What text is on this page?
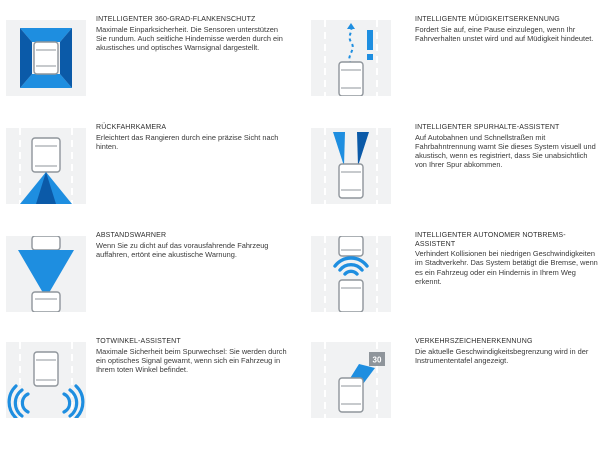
INTELLIGENTER 360-GRAD-FLANKENSCHUTZ
Maximale Einparksicherheit. Die Sensoren unterstützen Sie rundum. Auch seitliche Hindernisse werden durch ein akustisches und optisches Warnsignal dargestellt.
RÜCKFAHRKAMERA
Erleichtert das Rangieren durch eine präzise Sicht nach hinten.
ABSTANDSWARNER
Wenn Sie zu dicht auf das vorausfahrende Fahrzeug auffahren, ertönt eine akustische Warnung.
TOTWINKEL-ASSISTENT
Maximale Sicherheit beim Spurwechsel: Sie werden durch ein optisches Signal gewarnt, wenn sich ein Fahrzeug in Ihrem toten Winkel befindet.
INTELLIGENTE MÜDIGKEITSERKENNUNG
Fordert Sie auf, eine Pause einzulegen, wenn Ihr Fahrverhalten unstet wird und auf Müdigkeit hindeutet.
INTELLIGENTER SPURHALTE-ASSISTENT
Auf Autobahnen und Schnellstraßen mit Fahrbahntrennung warnt Sie dieses System visuell und akustisch, wenn es registriert, dass Sie unabsichtlich von Ihrer Spur abkommen.
INTELLIGENTER AUTONOMER NOTBREMS-ASSISTENT
Verhindert Kollisionen bei niedrigen Geschwindigkeiten im Stadtverkehr. Das System betätigt die Bremse, wenn es ein Fahrzeug oder ein Hindernis in Ihrem Weg erkennt.
30
VERKEHRSZEICHENERKENNUNG
Die aktuelle Geschwindigkeitsbegrenzung wird in der Instrumententafel angezeigt.
